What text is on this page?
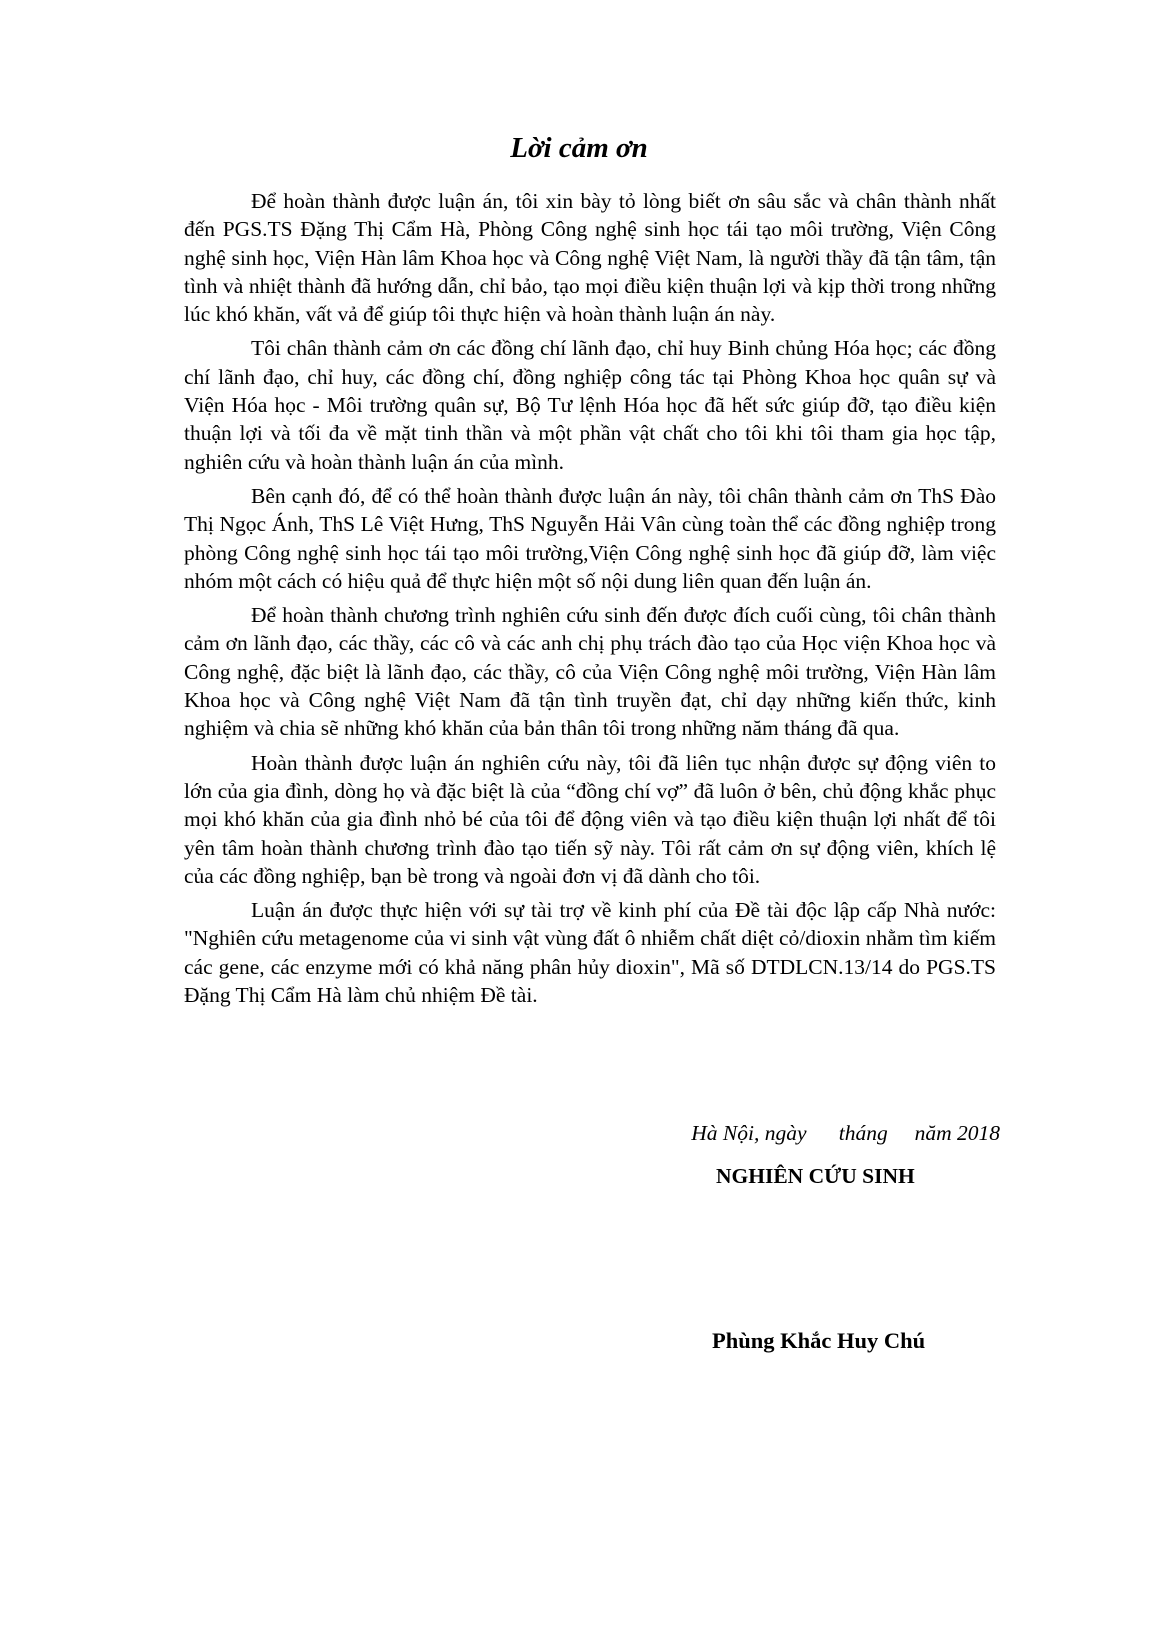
Lời cảm ơn

Để hoàn thành được luận án, tôi xin bày tỏ lòng biết ơn sâu sắc và chân thành nhất đến PGS.TS Đặng Thị Cẩm Hà, Phòng Công nghệ sinh học tái tạo môi trường, Viện Công nghệ sinh học, Viện Hàn lâm Khoa học và Công nghệ Việt Nam, là người thầy đã tận tâm, tận tình và nhiệt thành đã hướng dẫn, chỉ bảo, tạo mọi điều kiện thuận lợi và kịp thời trong những lúc khó khăn, vất vả để giúp tôi thực hiện và hoàn thành luận án này.

Tôi chân thành cảm ơn các đồng chí lãnh đạo, chỉ huy Binh chủng Hóa học; các đồng chí lãnh đạo, chỉ huy, các đồng chí, đồng nghiệp công tác tại Phòng Khoa học quân sự và Viện Hóa học - Môi trường quân sự, Bộ Tư lệnh Hóa học đã hết sức giúp đỡ, tạo điều kiện thuận lợi và tối đa về mặt tinh thần và một phần vật chất cho tôi khi tôi tham gia học tập, nghiên cứu và hoàn thành luận án của mình.

Bên cạnh đó, để có thể hoàn thành được luận án này, tôi chân thành cảm ơn ThS Đào Thị Ngọc Ánh, ThS Lê Việt Hưng, ThS Nguyễn Hải Vân cùng toàn thể các đồng nghiệp trong phòng Công nghệ sinh học tái tạo môi trường,Viện Công nghệ sinh học đã giúp đỡ, làm việc nhóm một cách có hiệu quả để thực hiện một số nội dung liên quan đến luận án.

Để hoàn thành chương trình nghiên cứu sinh đến được đích cuối cùng, tôi chân thành cảm ơn lãnh đạo, các thầy, các cô và các anh chị phụ trách đào tạo của Học viện Khoa học và Công nghệ, đặc biệt là lãnh đạo, các thầy, cô của Viện Công nghệ môi trường, Viện Hàn lâm Khoa học và Công nghệ Việt Nam đã tận tình truyền đạt, chỉ dạy những kiến thức, kinh nghiệm và chia sẽ những khó khăn của bản thân tôi trong những năm tháng đã qua.

Hoàn thành được luận án nghiên cứu này, tôi đã liên tục nhận được sự động viên to lớn của gia đình, dòng họ và đặc biệt là của “đồng chí vợ” đã luôn ở bên, chủ động khắc phục mọi khó khăn của gia đình nhỏ bé của tôi để động viên và tạo điều kiện thuận lợi nhất để tôi yên tâm hoàn thành chương trình đào tạo tiến sỹ này. Tôi rất cảm ơn sự động viên, khích lệ của các đồng nghiệp, bạn bè trong và ngoài đơn vị đã dành cho tôi.

Luận án được thực hiện với sự tài trợ về kinh phí của Đề tài độc lập cấp Nhà nước: "Nghiên cứu metagenome của vi sinh vật vùng đất ô nhiễm chất diệt cỏ/dioxin nhằm tìm kiếm các gene, các enzyme mới có khả năng phân hủy dioxin", Mã số DTDLCN.13/14 do PGS.TS Đặng Thị Cẩm Hà làm chủ nhiệm Đề tài.

Hà Nội, ngày      tháng     năm 2018

NGHIÊN CỨU SINH

Phùng Khắc Huy Chú
